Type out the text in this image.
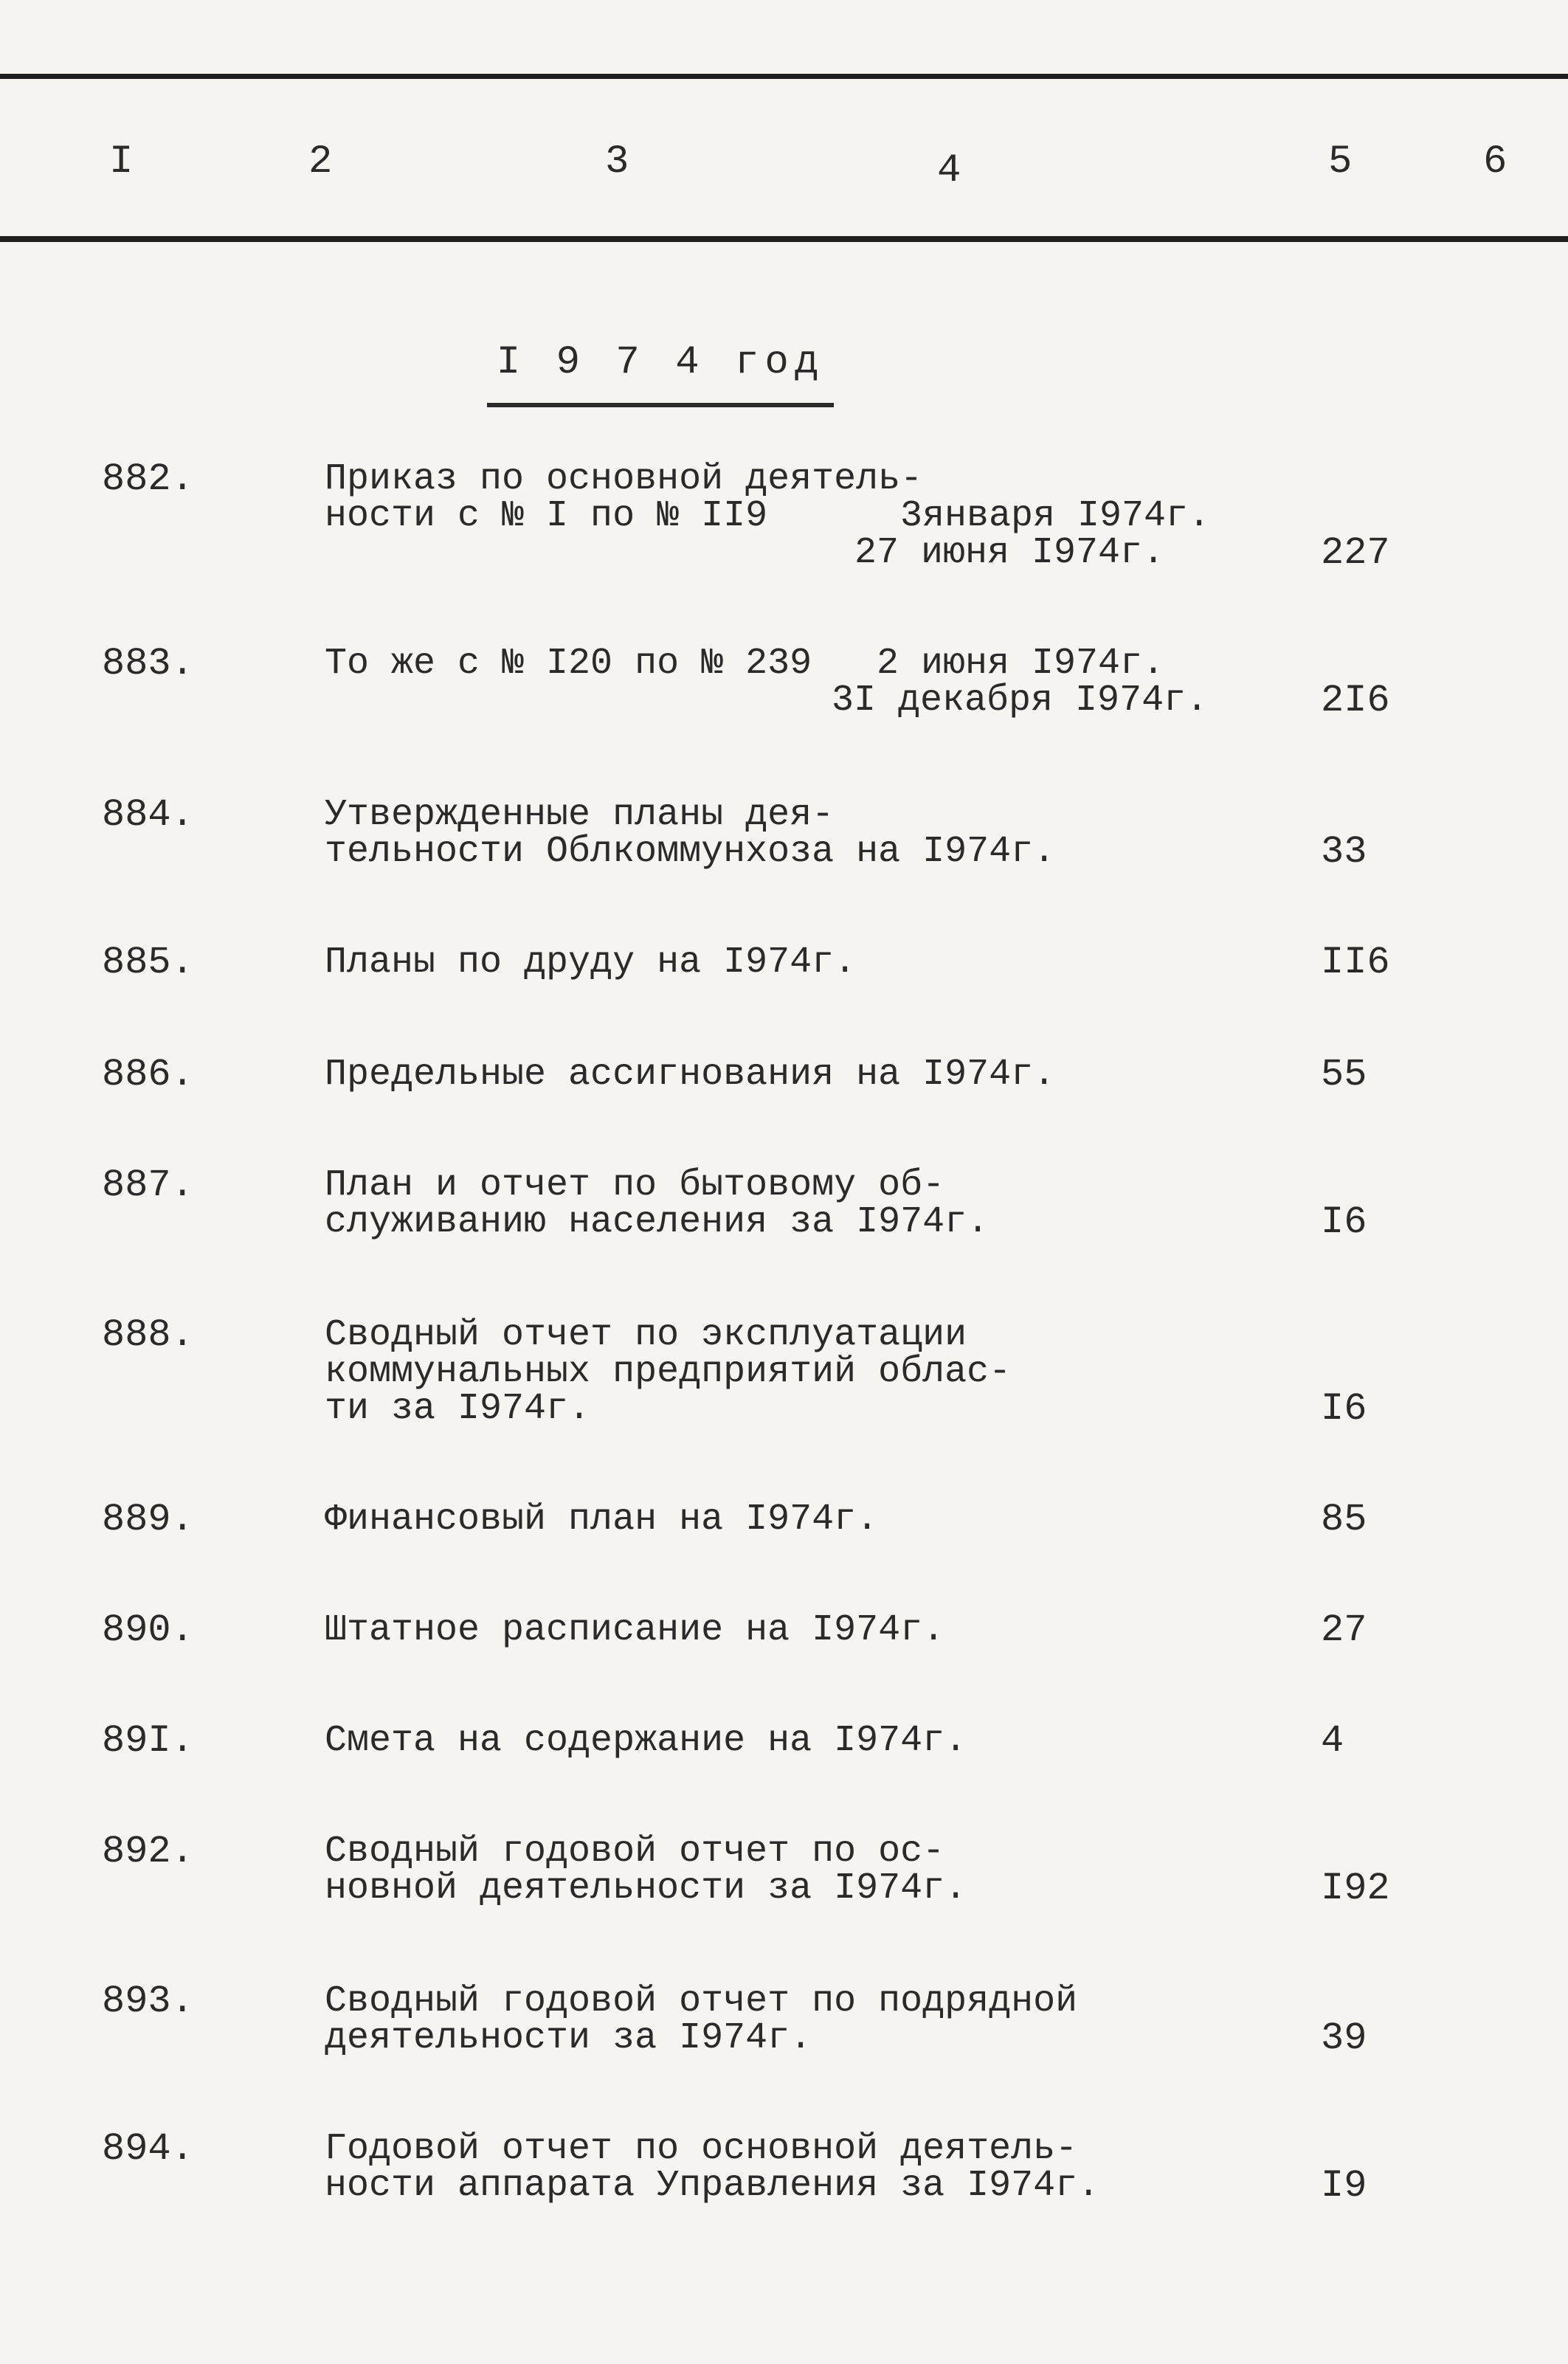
I	2	3	4	5	6
I 9 7 4 год
882.	Приказ по основной деятель-
ности с № I по № II9	3января I974г.
27 июня I974г.	227
883.	То же с № I20 по № 239	2 июня I974г.
3I декабря I974г.	2I6
884.	Утвержденные планы дея-
тельности Облкоммунхоза на I974г.	33
885.	Планы по друду на I974г.	II6
886.	Предельные ассигнования на I974г.	55
887.	План и отчет по бытовому об-
служиванию населения за I974г.	I6
888.	Сводный отчет по эксплуатации
коммунальных предприятий облас-
ти за I974г.	I6
889.	Финансовый план на I974г.	85
890.	Штатное расписание на I974г.	27
89I.	Смета на содержание на I974г.	4
892.	Сводный годовой отчет по ос-
новной деятельности за I974г.	I92
893.	Сводный годовой отчет по подрядной
деятельности за I974г.	39
894.	Годовой отчет по основной деятель-
ности аппарата Управления за I974г.	I9
